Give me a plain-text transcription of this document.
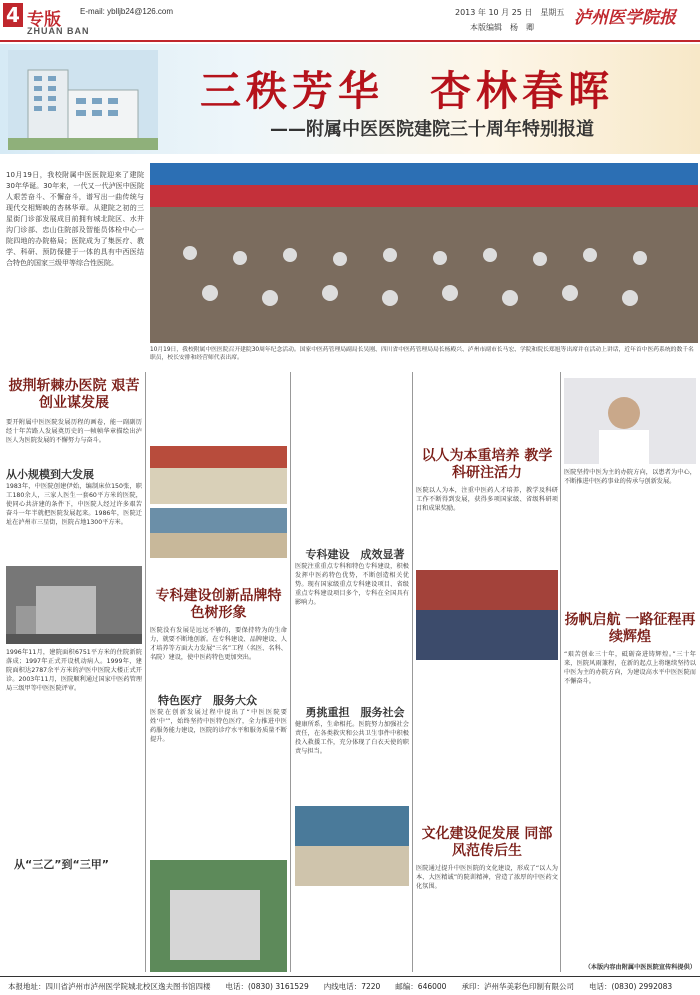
4 专版
ZHUAN BAN
E-mail: yblljb24@126.com	2013 年 10 月 25 日　星期五
本版编辑　杨　卿 泸州医学院报
三秩芳华　杏林春晖
——附属中医医院建院三十周年特别报道
10月19日，我校附属中医医院迎来了建院30年华诞。30年来，一代又一代泸医中医院人艰苦奋斗、不懈奋斗，谱写出一曲传统与现代交相辉映的杏林华章。从建院之初的三星街门诊部发展成目前拥有城北院区、水井沟门诊部、忠山住院部及智能员体检中心一院四地的办院格局；医院成为了集医疗、教学、科研、预防保健于一体的具有中西医结合特色的国家三级甲等综合性医院。
10月19日，我校附属中医医院召开建院30周年纪念活动。国家中医药管理局副局长吴刚、四川省中医药管理局局长杨殿兴、泸州市副市长马宏、学院和院长郑旭等出席并在活动上讲话，近年首中医药系统的数千名职员，校长安排和经营师代表出席。
披荆斩棘办医院 艰苦创业谋发展
要开附属中医医院发展历程的画卷，能一副副历经十年苦路人发展奠历史的一帧帧华章描绘出泸医人为医院发展的不懈努力与奋斗。
从小规模到大发展
1983年，中医院创建伊始，编制床位150张，职工180余人，三家人医生一套60平方米的医院，使同心共济建的条件下，中医院人经过许多艰苦奋斗一年半就把医院发展起来。1986年，医院迁址在泸州市三星街，医院占地1300平方米。
1996年11月，建院面积6751平方米的住院新院落成；1997年正式开设机动病人。1999年，建院面积达2787余平方米的泸医中医院大楼正式开诊。2003年11月，医院顺利通过国家中医药管理局三级甲等中医医院评审。
从“三乙”到“三甲”
专科建设创新品牌特色树形象
医院没有发展是远远不够的，要保持特为的生命力，就要不断地创新。在专科建设、品牌建设、人才培养等方面大力发展“三名”工程（名医、名科、名院）建设，使中医药特色更加突出。
特色医疗　服务大众
医院在创新发展过程中提出了“中医医院要姓‘中’”，始终坚持中医特色医疗，全力推进中医药服务能力建设，医院的诊疗水平和服务质量不断提升。
专科建设　成效显著
医院注重重点专科和特色专科建设，积极发挥中医药特色优势，不断创造相关优势。现有国家级重点专科建设项目、省级重点专科建设项目多个，专科在全国具有影响力。
勇挑重担　服务社会
健康所系，生命相托。医院努力加强社会责任，在各类救灾和公共卫生事件中积极投入救援工作，充分体现了白衣天使的职责与担当。
以人为本重培养 教学科研注活力
医院以人为本，注重中医药人才培养，教学及科研工作不断得到发展，获得多项国家级、省级科研项目和成果奖励。
文化建设促发展 同部风范传后生
医院通过提升中医医院的文化建设，形成了“以人为本、大医精诚”的院训精神，营造了浓厚的中医药文化氛围。
医院坚持中医为主的办院方向，以患者为中心，不断推进中医药事业的传承与创新发展。
扬帆启航 一路征程再续辉煌
“艰苦创业三十年，砥砺奋进铸辉煌。”三十年来，医院风雨兼程，在新的起点上将继续坚持以中医为主的办院方向，为建设高水平中医医院而不懈奋斗。
（本版内容由附属中医医院宣传科提供）
本报地址：四川省泸州市泸州医学院城北校区逸夫图书馆四楼　　电话：(0830) 3161529　　内线电话：7220　　邮编：646000　　承印：泸州华美彩色印制有限公司　　电话：(0830) 2992083
